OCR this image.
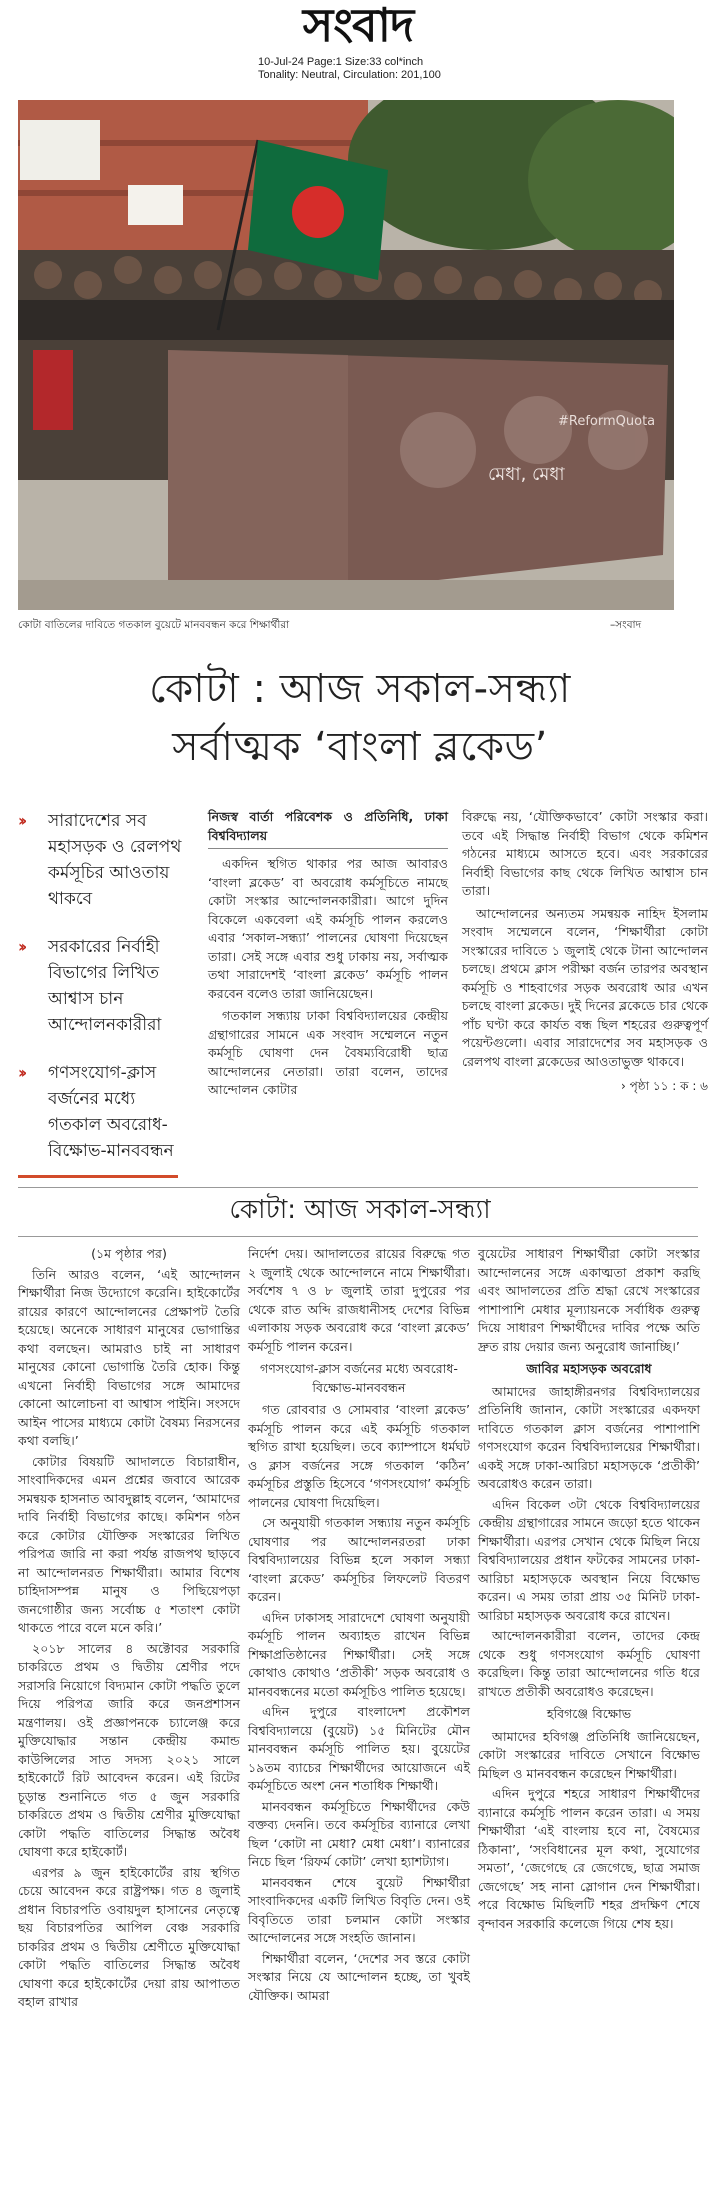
সংবাদ
10-Jul-24 Page:1 Size:33 col*inch
Tonality: Neutral, Circulation: 201,100
#ReformQuota
মেধা, মেধা
কোটা বাতিলের দাবিতে গতকাল বুয়েটে মানববন্ধন করে শিক্ষার্থীরা	–সংবাদ
কোটা : আজ সকাল-সন্ধ্যা
সর্বাত্মক ‘বাংলা ব্লকেড’
›› সারাদেশের সব মহাসড়ক ও রেলপথ কর্মসূচির আওতায় থাকবে
›› সরকারের নির্বাহী বিভাগের লিখিত আশ্বাস চান আন্দোলনকারীরা
›› গণসংযোগ-ক্লাস বর্জনের মধ্যে গতকাল অবরোধ-বিক্ষোভ-মানববন্ধন

নিজস্ব বার্তা পরিবেশক ও প্রতিনিধি, ঢাকা বিশ্ববিদ্যালয়

একদিন স্থগিত থাকার পর আজ আবারও ‘বাংলা ব্লকেড’ বা অবরোধ কর্মসূচিতে নামছে কোটা সংস্কার আন্দোলনকারীরা। আগে দুদিন বিকেলে একবেলা এই কর্মসূচি পালন করলেও এবার ‘সকাল-সন্ধ্যা’ পালনের ঘোষণা দিয়েছেন তারা। সেই সঙ্গে এবার শুধু ঢাকায় নয়, সর্বাত্মক তথা সারাদেশই ‘বাংলা ব্লকেড’ কর্মসূচি পালন করবেন বলেও তারা জানিয়েছেন।

গতকাল সন্ধ্যায় ঢাকা বিশ্ববিদ্যালয়ের কেন্দ্রীয় গ্রন্থাগারের সামনে এক সংবাদ সম্মেলনে নতুন কর্মসূচি ঘোষণা দেন বৈষম্যবিরোধী ছাত্র আন্দোলনের নেতারা। তারা বলেন, তাদের আন্দোলন কোটার

বিরুদ্ধে নয়, ‘যৌক্তিকভাবে’ কোটা সংস্কার করা। তবে এই সিদ্ধান্ত নির্বাহী বিভাগ থেকে কমিশন গঠনের মাধ্যমে আসতে হবে। এবং সরকারের নির্বাহী বিভাগের কাছ থেকে লিখিত আশ্বাস চান তারা।

আন্দোলনের অন্যতম সমন্বয়ক নাহিদ ইসলাম সংবাদ সম্মেলনে বলেন, ‘শিক্ষার্থীরা কোটা সংস্কারের দাবিতে ১ জুলাই থেকে টানা আন্দোলন চলছে। প্রথমে ক্লাস পরীক্ষা বর্জন তারপর অবস্থান কর্মসূচি ও শাহবাগের সড়ক অবরোধ আর এখন চলছে বাংলা ব্লকেড। দুই দিনের ব্লকেডে চার থেকে পাঁচ ঘণ্টা করে কার্যত বন্ধ ছিল শহরের গুরুত্বপূর্ণ পয়েন্টগুলো। এবার সারাদেশের সব মহাসড়ক ও রেলপথ বাংলা ব্লকেডের আওতাভুক্ত থাকবে।

› পৃষ্ঠা ১১ : ক : ৬
কোটা: আজ সকাল-সন্ধ্যা

(১ম পৃষ্ঠার পর)

তিনি আরও বলেন, ‘এই আন্দোলন শিক্ষার্থীরা নিজ উদ্যোগে করেনি। হাইকোর্টের রায়ের কারণে আন্দোলনের প্রেক্ষাপট তৈরি হয়েছে। অনেকে সাধারণ মানুষের ভোগান্তির কথা বলছেন। আমরাও চাই না সাধারণ মানুষের কোনো ভোগান্তি তৈরি হোক। কিন্তু এখনো নির্বাহী বিভাগের সঙ্গে আমাদের কোনো আলোচনা বা আশ্বাস পাইনি। সংসদে আইন পাসের মাধ্যমে কোটা বৈষম্য নিরসনের কথা বলছি।’

কোটার বিষয়টি আদালতে বিচারাধীন, সাংবাদিকদের এমন প্রশ্নের জবাবে আরেক সমন্বয়ক হাসনাত আবদুল্লাহ বলেন, ‘আমাদের দাবি নির্বাহী বিভাগের কাছে। কমিশন গঠন করে কোটার যৌক্তিক সংস্কারের লিখিত পরিপত্র জারি না করা পর্যন্ত রাজপথ ছাড়বে না আন্দোলনরত শিক্ষার্থীরা। আমার বিশেষ চাহিদাসম্পন্ন মানুষ ও পিছিয়েপড়া জনগোষ্ঠীর জন্য সর্বোচ্চ ৫ শতাংশ কোটা থাকতে পারে বলে মনে করি।’

২০১৮ সালের ৪ অক্টোবর সরকারি চাকরিতে প্রথম ও দ্বিতীয় শ্রেণীর পদে সরাসরি নিয়োগে বিদ্যমান কোটা পদ্ধতি তুলে দিয়ে পরিপত্র জারি করে জনপ্রশাসন মন্ত্রণালয়। ওই প্রজ্ঞাপনকে চ্যালেঞ্জ করে মুক্তিযোদ্ধার সন্তান কেন্দ্রীয় কমান্ড কাউন্সিলের সাত সদস্য ২০২১ সালে হাইকোর্টে রিট আবেদন করেন। এই রিটের চূড়ান্ত শুনানিতে গত ৫ জুন সরকারি চাকরিতে প্রথম ও দ্বিতীয় শ্রেণীর মুক্তিযোদ্ধা কোটা পদ্ধতি বাতিলের সিদ্ধান্ত অবৈধ ঘোষণা করে হাইকোর্ট।

এরপর ৯ জুন হাইকোর্টের রায় স্থগিত চেয়ে আবেদন করে রাষ্ট্রপক্ষ। গত ৪ জুলাই প্রধান বিচারপতি ওবায়দুল হাসানের নেতৃত্বে ছয় বিচারপতির আপিল বেঞ্চ সরকারি চাকরির প্রথম ও দ্বিতীয় শ্রেণীতে মুক্তিযোদ্ধা কোটা পদ্ধতি বাতিলের সিদ্ধান্ত অবৈধ ঘোষণা করে হাইকোর্টের দেয়া রায় আপাতত বহাল রাখার

নির্দেশ দেয়। আদালতের রায়ের বিরুদ্ধে গত ২ জুলাই থেকে আন্দোলনে নামে শিক্ষার্থীরা। সর্বশেষ ৭ ও ৮ জুলাই তারা দুপুরের পর থেকে রাত অব্দি রাজধানীসহ দেশের বিভিন্ন এলাকায় সড়ক অবরোধ করে ‘বাংলা ব্লকেড’ কর্মসূচি পালন করেন।

গণসংযোগ-ক্লাস বর্জনের মধ্যে অবরোধ-বিক্ষোভ-মানববন্ধন

গত রোববার ও সোমবার ‘বাংলা ব্লকেড’ কর্মসূচি পালন করে এই কর্মসূচি গতকাল স্থগিত রাখা হয়েছিল। তবে ক্যাম্পাসে ধর্মঘট ও ক্লাস বর্জনের সঙ্গে গতকাল ‘কঠিন’ কর্মসূচির প্রস্তুতি হিসেবে ‘গণসংযোগ’ কর্মসূচি পালনের ঘোষণা দিয়েছিল।

সে অনুযায়ী গতকাল সন্ধ্যায় নতুন কর্মসূচি ঘোষণার পর আন্দোলনরতরা ঢাকা বিশ্ববিদ্যালয়ের বিভিন্ন হলে সকাল সন্ধ্যা ‘বাংলা ব্লকেড’ কর্মসূচির লিফলেট বিতরণ করেন।

এদিন ঢাকাসহ সারাদেশে ঘোষণা অনুযায়ী কর্মসূচি পালন অব্যাহত রাখেন বিভিন্ন শিক্ষাপ্রতিষ্ঠানের শিক্ষার্থীরা। সেই সঙ্গে কোথাও কোথাও ‘প্রতীকী’ সড়ক অবরোধ ও মানববন্ধনের মতো কর্মসূচিও পালিত হয়েছে।

এদিন দুপুরে বাংলাদেশ প্রকৌশল বিশ্ববিদ্যালয়ে (বুয়েট) ১৫ মিনিটের মৌন মানববন্ধন কর্মসূচি পালিত হয়। বুয়েটের ১৯তম ব্যাচের শিক্ষার্থীদের আয়োজনে এই কর্মসূচিতে অংশ নেন শতাধিক শিক্ষার্থী।

মানববন্ধন কর্মসূচিতে শিক্ষার্থীদের কেউ বক্তব্য দেননি। তবে কর্মসূচির ব্যানারে লেখা ছিল ‘কোটা না মেধা? মেধা মেধা’। ব্যানারের নিচে ছিল ‘রিফর্ম কোটা’ লেখা হ্যাশট্যাগ।

মানববন্ধন শেষে বুয়েট শিক্ষার্থীরা সাংবাদিকদের একটি লিখিত বিবৃতি দেন। ওই বিবৃতিতে তারা চলমান কোটা সংস্কার আন্দোলনের সঙ্গে সংহতি জানান।

শিক্ষার্থীরা বলেন, ‘দেশের সব স্তরে কোটা সংস্কার নিয়ে যে আন্দোলন হচ্ছে, তা খুবই যৌক্তিক। আমরা

বুয়েটের সাধারণ শিক্ষার্থীরা কোটা সংস্কার আন্দোলনের সঙ্গে একাত্মতা প্রকাশ করছি এবং আদালতের প্রতি শ্রদ্ধা রেখে সংস্কারের পাশাপাশি মেধার মূল্যায়নকে সর্বাধিক গুরুত্ব দিয়ে সাধারণ শিক্ষার্থীদের দাবির পক্ষে অতি দ্রুত রায় দেয়ার জন্য অনুরোধ জানাচ্ছি।’

জাবির মহাসড়ক অবরোধ

আমাদের জাহাঙ্গীরনগর বিশ্ববিদ্যালয়ের প্রতিনিধি জানান, কোটা সংস্কারের একদফা দাবিতে গতকাল ক্লাস বর্জনের পাশাপাশি গণসংযোগ করেন বিশ্ববিদ্যালয়ের শিক্ষার্থীরা। একই সঙ্গে ঢাকা-আরিচা মহাসড়কে ‘প্রতীকী’ অবরোধও করেন তারা।

এদিন বিকেল ৩টা থেকে বিশ্ববিদ্যালয়ের কেন্দ্রীয় গ্রন্থাগারের সামনে জড়ো হতে থাকেন শিক্ষার্থীরা। এরপর সেখান থেকে মিছিল নিয়ে বিশ্ববিদ্যালয়ের প্রধান ফটকের সামনের ঢাকা-আরিচা মহাসড়কে অবস্থান নিয়ে বিক্ষোভ করেন। এ সময় তারা প্রায় ৩৫ মিনিট ঢাকা-আরিচা মহাসড়ক অবরোধ করে রাখেন।

আন্দোলনকারীরা বলেন, তাদের কেন্দ্র থেকে শুধু গণসংযোগ কর্মসূচি ঘোষণা করেছিল। কিন্তু তারা আন্দোলনের গতি ধরে রাখতে প্রতীকী অবরোধও করেছেন।

হবিগঞ্জে বিক্ষোভ

আমাদের হবিগঞ্জ প্রতিনিধি জানিয়েছেন, কোটা সংস্কারের দাবিতে সেখানে বিক্ষোভ মিছিল ও মানববন্ধন করেছেন শিক্ষার্থীরা।

এদিন দুপুরে শহরে সাধারণ শিক্ষার্থীদের ব্যানারে কর্মসূচি পালন করেন তারা। এ সময় শিক্ষার্থীরা ‘এই বাংলায় হবে না, বৈষম্যের ঠিকানা’, ‘সংবিধানের মূল কথা, সুযোগের সমতা’, ‘জেগেছে রে জেগেছে, ছাত্র সমাজ জেগেছে’ সহ নানা স্লোগান দেন শিক্ষার্থীরা। পরে বিক্ষোভ মিছিলটি শহর প্রদক্ষিণ শেষে বৃন্দাবন সরকারি কলেজে গিয়ে শেষ হয়।
